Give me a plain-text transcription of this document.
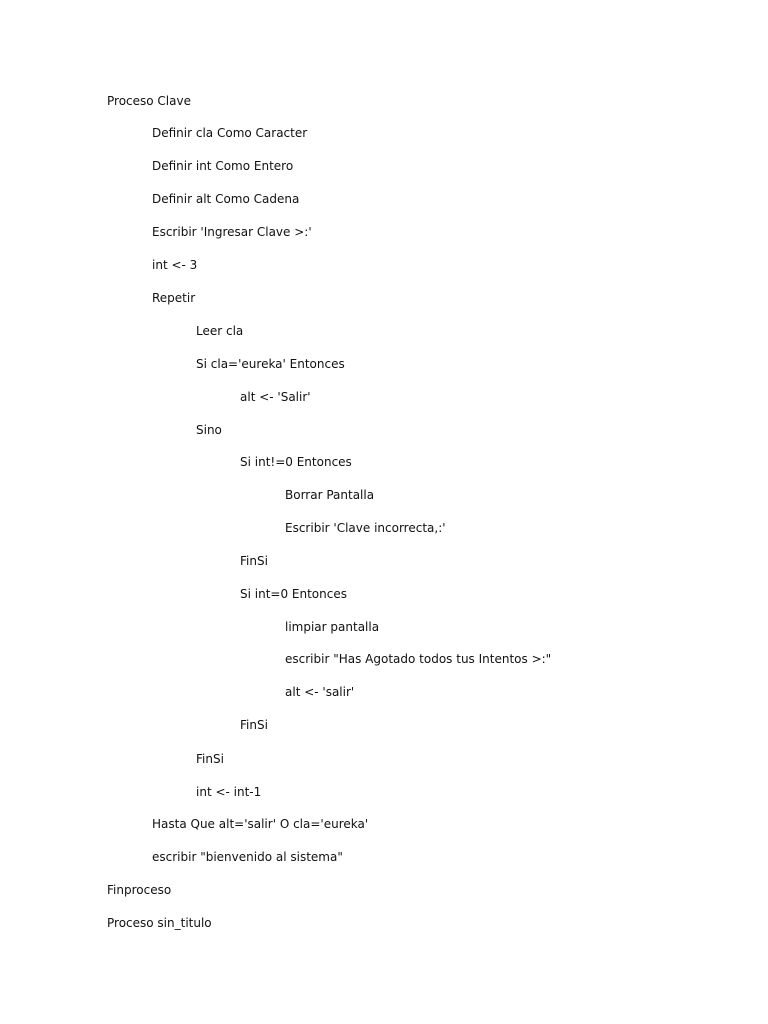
Proceso Clave
Definir cla Como Caracter
Definir int Como Entero
Definir alt Como Cadena
Escribir 'Ingresar Clave >:'
int <- 3
Repetir
Leer cla
Si cla='eureka' Entonces
alt <- 'Salir'
Sino
Si int!=0 Entonces
Borrar Pantalla
Escribir 'Clave incorrecta,:'
FinSi
Si int=0 Entonces
limpiar pantalla
escribir "Has Agotado todos tus Intentos >:"
alt <- 'salir'
FinSi
FinSi
int <- int-1
Hasta Que alt='salir' O cla='eureka'
escribir "bienvenido al sistema"
Finproceso
Proceso sin_titulo
